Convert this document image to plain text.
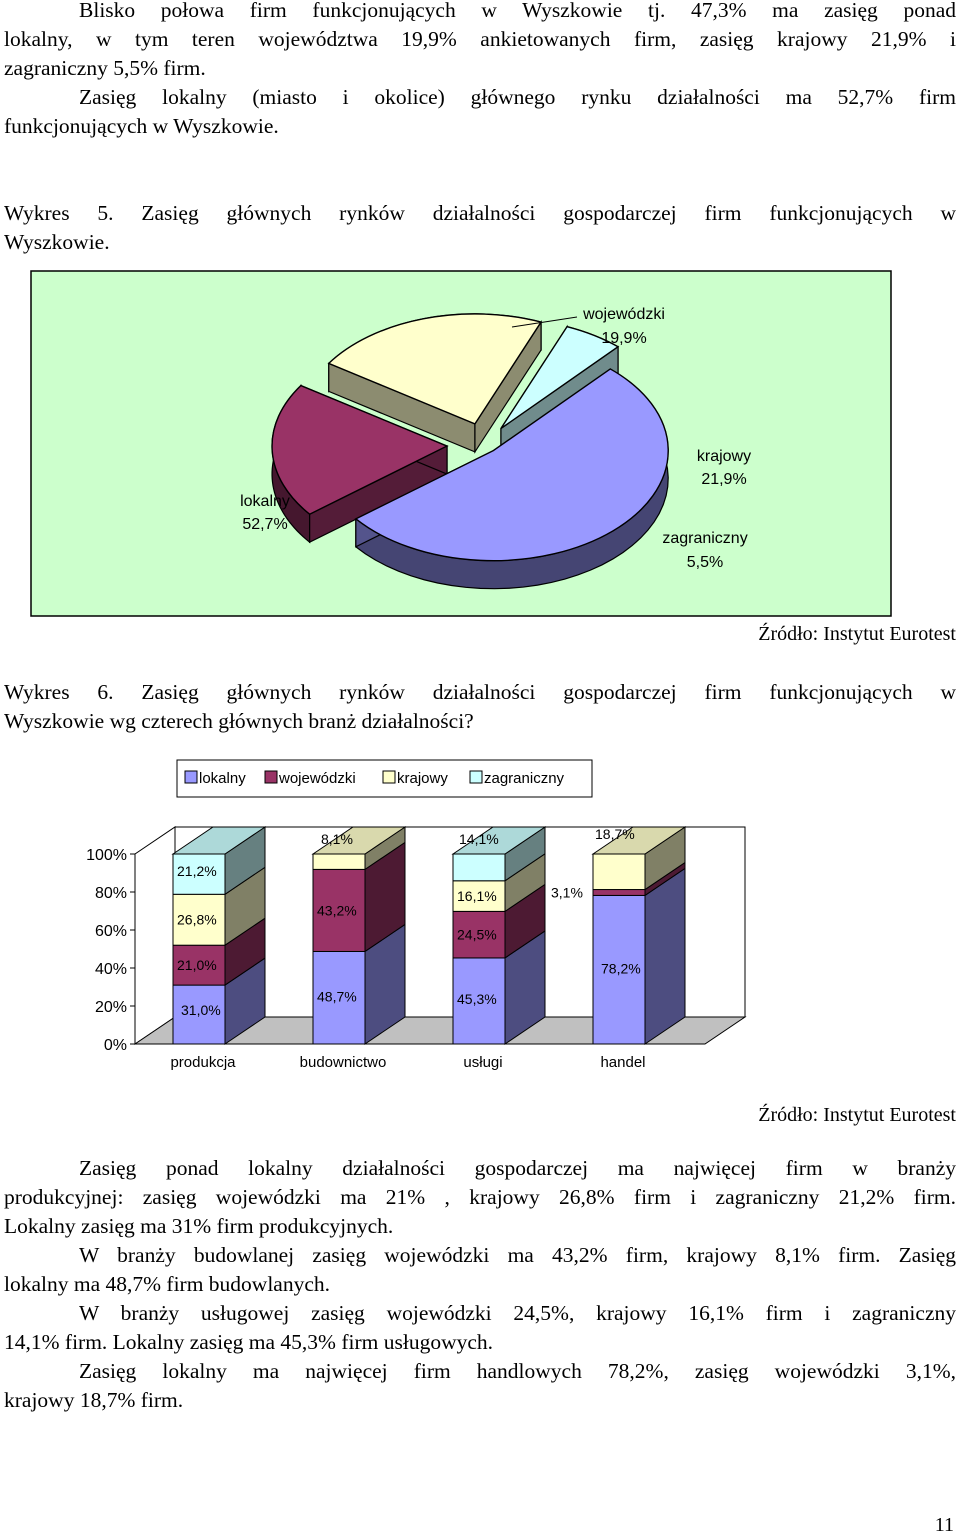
Blisko połowa firm funkcjonujących w Wyszkowie tj. 47,3% ma zasięg ponad
lokalny, w tym teren województwa 19,9% ankietowanych firm, zasięg krajowy 21,9% i
zagraniczny 5,5% firm.
Zasięg lokalny (miasto i okolice) głównego rynku działalności ma 52,7% firm
funkcjonujących w Wyszkowie.
Wykres 5. Zasięg głównych rynków działalności gospodarczej firm funkcjonujących w
Wyszkowie.
lokalny
52,7%
wojewódzki
19,9%
krajowy
21,9%
zagraniczny
5,5%
Źródło: Instytut Eurotest
Wykres 6. Zasięg głównych rynków działalności gospodarczej firm funkcjonujących w
Wyszkowie wg czterech głównych branż działalności?
lokalny wojewódzki	krajowy zagraniczny
0%
20%
40%
60%
80%
100%
31,0%
21,0%
26,8%
21,2%
produkcja
48,7%
43,2%
8,1%
budownictwo
45,3%
24,5%
16,1%
14,1%
usługi
78,2%
3,1%
18,7%
handel
Źródło: Instytut Eurotest
Zasięg ponad lokalny działalności gospodarczej ma najwięcej firm w branży
produkcyjnej: zasięg wojewódzki ma 21% , krajowy 26,8% firm i zagraniczny 21,2% firm.
Lokalny zasięg ma 31% firm produkcyjnych.
W branży budowlanej zasięg wojewódzki ma 43,2% firm, krajowy 8,1% firm. Zasięg
lokalny ma 48,7% firm budowlanych.
W branży usługowej zasięg wojewódzki 24,5%, krajowy 16,1% firm i zagraniczny
14,1% firm. Lokalny zasięg ma 45,3% firm usługowych.
Zasięg lokalny ma najwięcej firm handlowych 78,2%, zasięg wojewódzki 3,1%,
krajowy 18,7% firm.
11
